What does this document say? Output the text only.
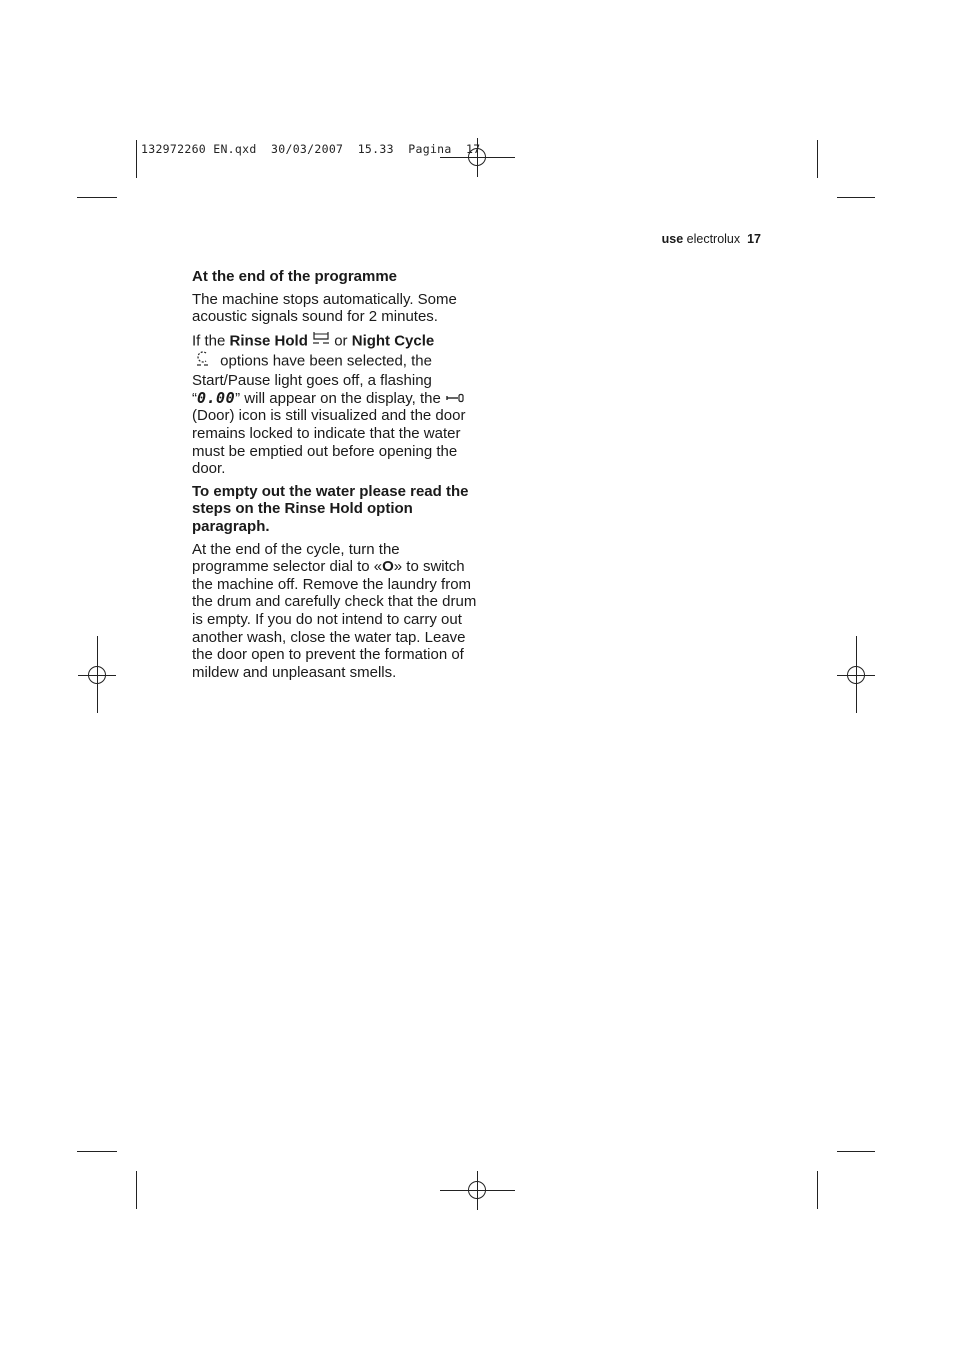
132972260 EN.qxd  30/03/2007  15.33  Pagina  17
use electrolux 17
At the end of the programme

The machine stops automatically. Some acoustic signals sound for 2 minutes.

If the Rinse Hold  or Night Cycle
options have been selected, the Start/Pause light goes off, a flashing “0.00” will appear on the display, the  (Door) icon is still visualized and the door remains locked to indicate that the water must be emptied out before opening the door.

To empty out the water please read the steps on the Rinse Hold option paragraph.

At the end of the cycle, turn the programme selector dial to «O» to switch the machine off. Remove the laundry from the drum and carefully check that the drum is empty. If you do not intend to carry out another wash, close the water tap. Leave the door open to prevent the formation of mildew and unpleasant smells.
